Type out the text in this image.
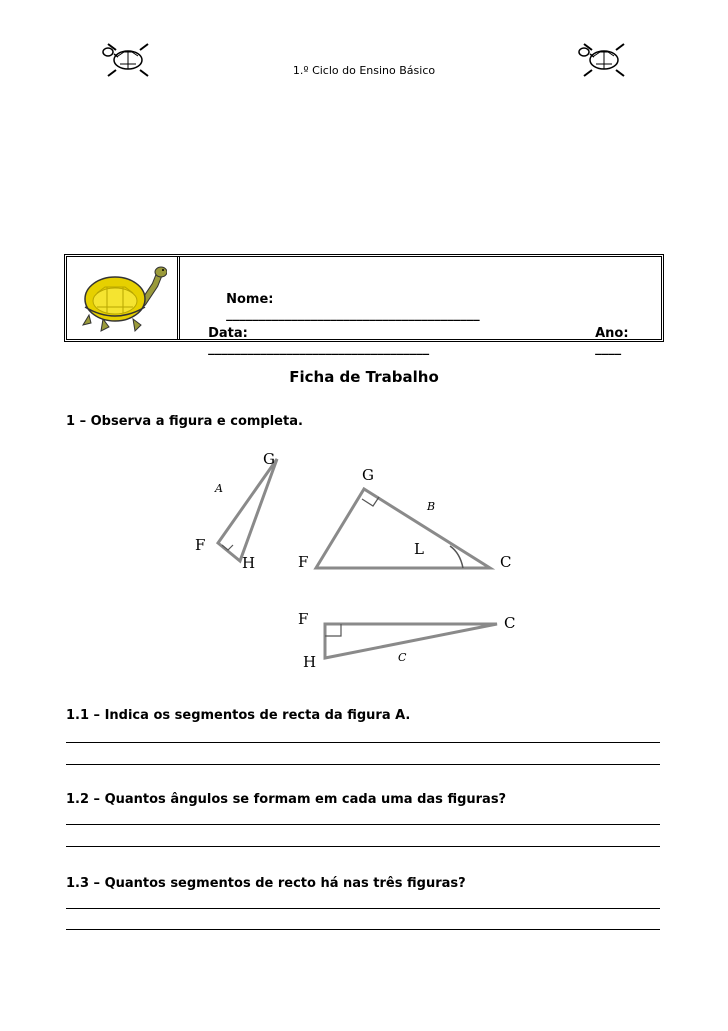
1.º Ciclo do Ensino Básico

Nome:
_______________________________________

Data:
__________________________________

Ano:
____

Ficha de Trabalho
1 – Observa a figura e completa.
G
F
H
A
G
F	C
L
B
F
H
C
C
1.1 – Indica os segmentos de recta da figura A.
1.2 – Quantos ângulos se formam em cada uma das figuras?
1.3 – Quantos segmentos de recto há nas três figuras?
